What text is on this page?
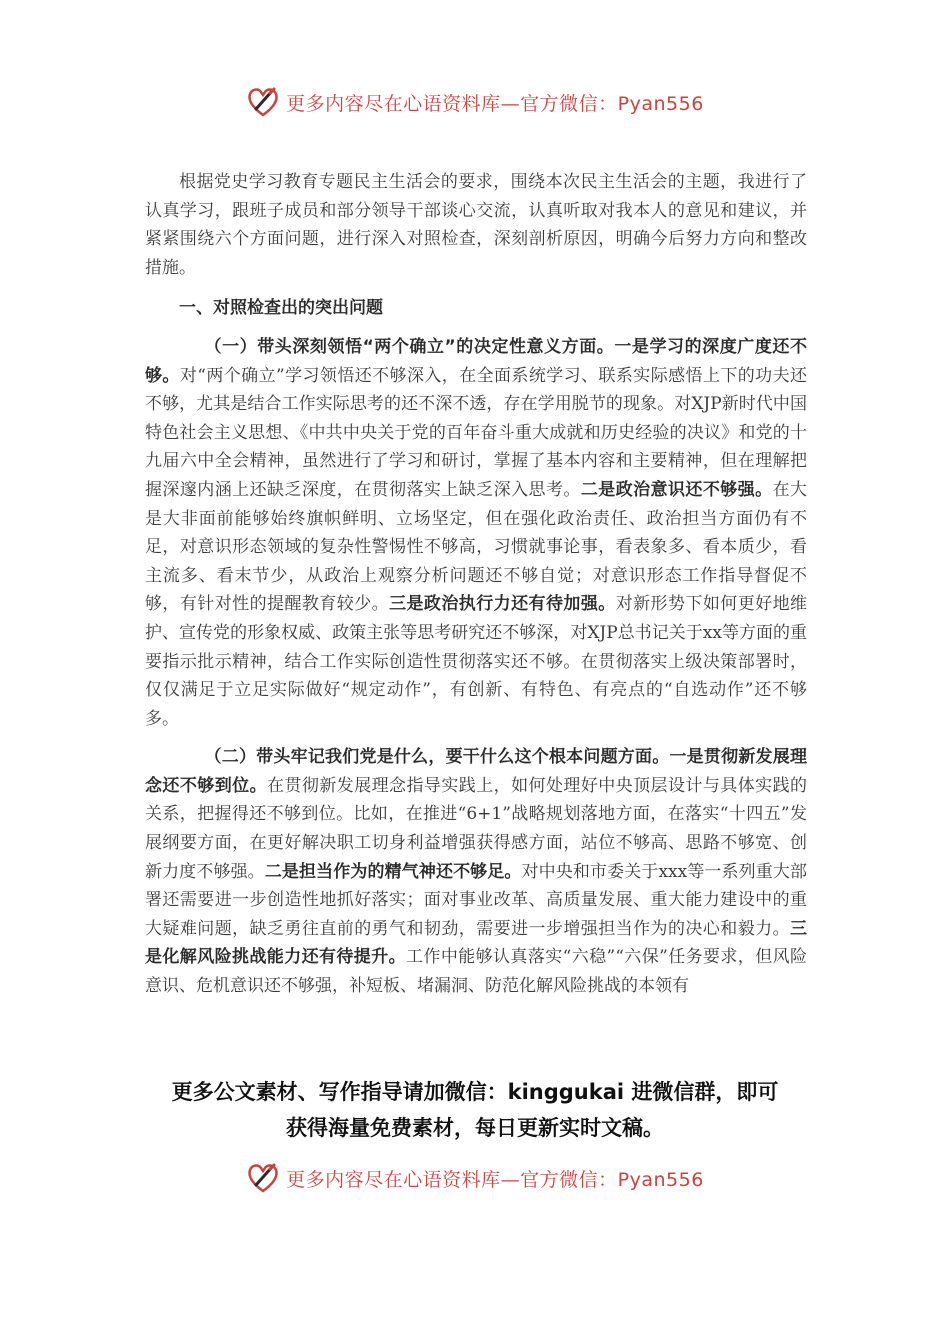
更多内容尽在心语资料库—官方微信：Pyan556

根据党史学习教育专题民主生活会的要求，围绕本次民主生活会的主题，我进行了认真学习，跟班子成员和部分领导干部谈心交流，认真听取对我本人的意见和建议，并紧紧围绕六个方面问题，进行深入对照检查，深刻剖析原因，明确今后努力方向和整改措施。

一、对照检查出的突出问题

（一）带头深刻领悟“两个确立”的决定性意义方面。一是学习的深度广度还不够。对“两个确立”学习领悟还不够深入，在全面系统学习、联系实际感悟上下的功夫还不够，尤其是结合工作实际思考的还不深不透，存在学用脱节的现象。对XJP新时代中国特色社会主义思想、《中共中央关于党的百年奋斗重大成就和历史经验的决议》和党的十九届六中全会精神，虽然进行了学习和研讨，掌握了基本内容和主要精神，但在理解把握深邃内涵上还缺乏深度，在贯彻落实上缺乏深入思考。二是政治意识还不够强。在大是大非面前能够始终旗帜鲜明、立场坚定，但在强化政治责任、政治担当方面仍有不足，对意识形态领域的复杂性警惕性不够高，习惯就事论事，看表象多、看本质少，看主流多、看末节少，从政治上观察分析问题还不够自觉；对意识形态工作指导督促不够，有针对性的提醒教育较少。三是政治执行力还有待加强。对新形势下如何更好地维护、宣传党的形象权威、政策主张等思考研究还不够深，对XJP总书记关于xx等方面的重要指示批示精神，结合工作实际创造性贯彻落实还不够。在贯彻落实上级决策部署时，仅仅满足于立足实际做好“规定动作”，有创新、有特色、有亮点的“自选动作”还不够多。

（二）带头牢记我们党是什么，要干什么这个根本问题方面。一是贯彻新发展理念还不够到位。在贯彻新发展理念指导实践上，如何处理好中央顶层设计与具体实践的关系，把握得还不够到位。比如，在推进“6+1”战略规划落地方面，在落实“十四五”发展纲要方面，在更好解决职工切身利益增强获得感方面，站位不够高、思路不够宽、创新力度不够强。二是担当作为的精气神还不够足。对中央和市委关于xxx等一系列重大部署还需要进一步创造性地抓好落实；面对事业改革、高质量发展、重大能力建设中的重大疑难问题，缺乏勇往直前的勇气和韧劲，需要进一步增强担当作为的决心和毅力。三是化解风险挑战能力还有待提升。工作中能够认真落实“六稳”“六保”任务要求，但风险意识、危机意识还不够强，补短板、堵漏洞、防范化解风险挑战的本领有

更多公文素材、写作指导请加微信：kinggukai 进微信群，即可
获得海量免费素材，每日更新实时文稿。
更多内容尽在心语资料库—官方微信：Pyan556
